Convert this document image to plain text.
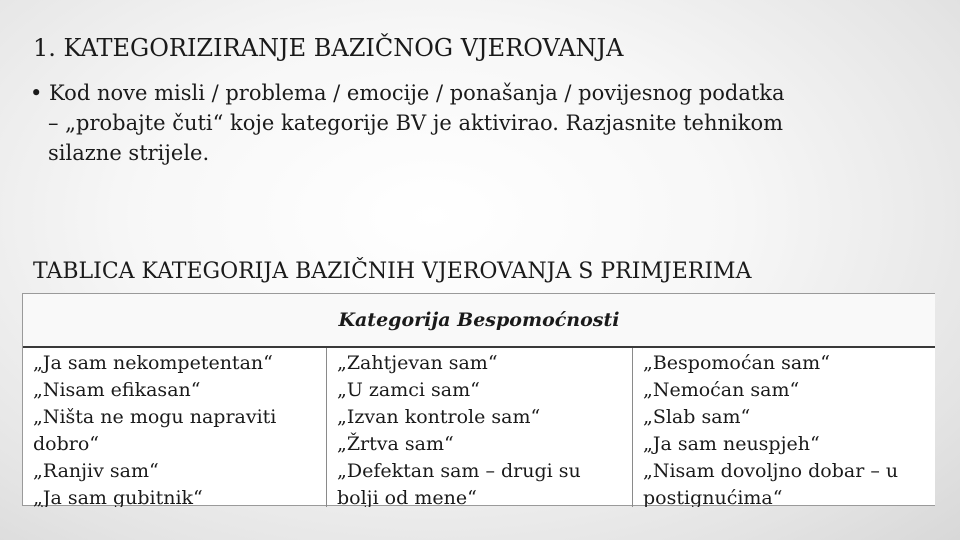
1. KATEGORIZIRANJE BAZIČNOG VJEROVANJA
• Kod nove misli / problema / emocije / ponašanja / povijesnog podatka
– „probajte čuti“ koje kategorije BV je aktivirao. Razjasnite tehnikom
silazne strijele.
TABLICA KATEGORIJA BAZIČNIH VJEROVANJA S PRIMJERIMA
Kategorija Bespomoćnosti
„Ja sam nekompetentan“
„Nisam efikasan“
„Ništa ne mogu napraviti
dobro“
„Ranjiv sam“
„Ja sam gubitnik“
„Zahtjevan sam“
„U zamci sam“
„Izvan kontrole sam“
„Žrtva sam“
„Defektan sam – drugi su
bolji od mene“
„Bespomoćan sam“
„Nemoćan sam“
„Slab sam“
„Ja sam neuspjeh“
„Nisam dovoljno dobar – u
postignućima“
